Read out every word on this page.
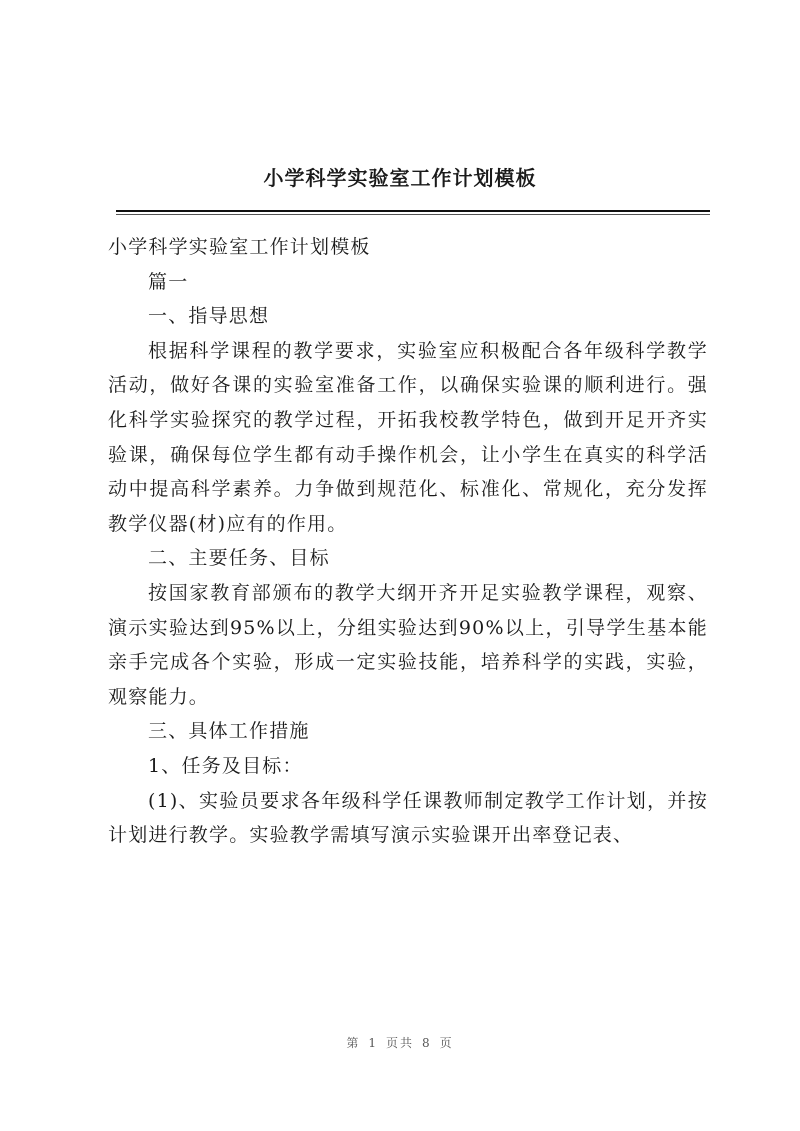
小学科学实验室工作计划模板

小学科学实验室工作计划模板

篇一

一、指导思想

根据科学课程的教学要求，实验室应积极配合各年级科学教学活动，做好各课的实验室准备工作，以确保实验课的顺利进行。强化科学实验探究的教学过程，开拓我校教学特色，做到开足开齐实验课，确保每位学生都有动手操作机会，让小学生在真实的科学活动中提高科学素养。力争做到规范化、标准化、常规化，充分发挥教学仪器(材)应有的作用。

二、主要任务、目标

按国家教育部颁布的教学大纲开齐开足实验教学课程，观察、演示实验达到95%以上，分组实验达到90%以上，引导学生基本能亲手完成各个实验，形成一定实验技能，培养科学的实践，实验，观察能力。

三、具体工作措施

1、任务及目标：

(1)、实验员要求各年级科学任课教师制定教学工作计划，并按计划进行教学。实验教学需填写演示实验课开出率登记表、

第 1 页共 8 页
